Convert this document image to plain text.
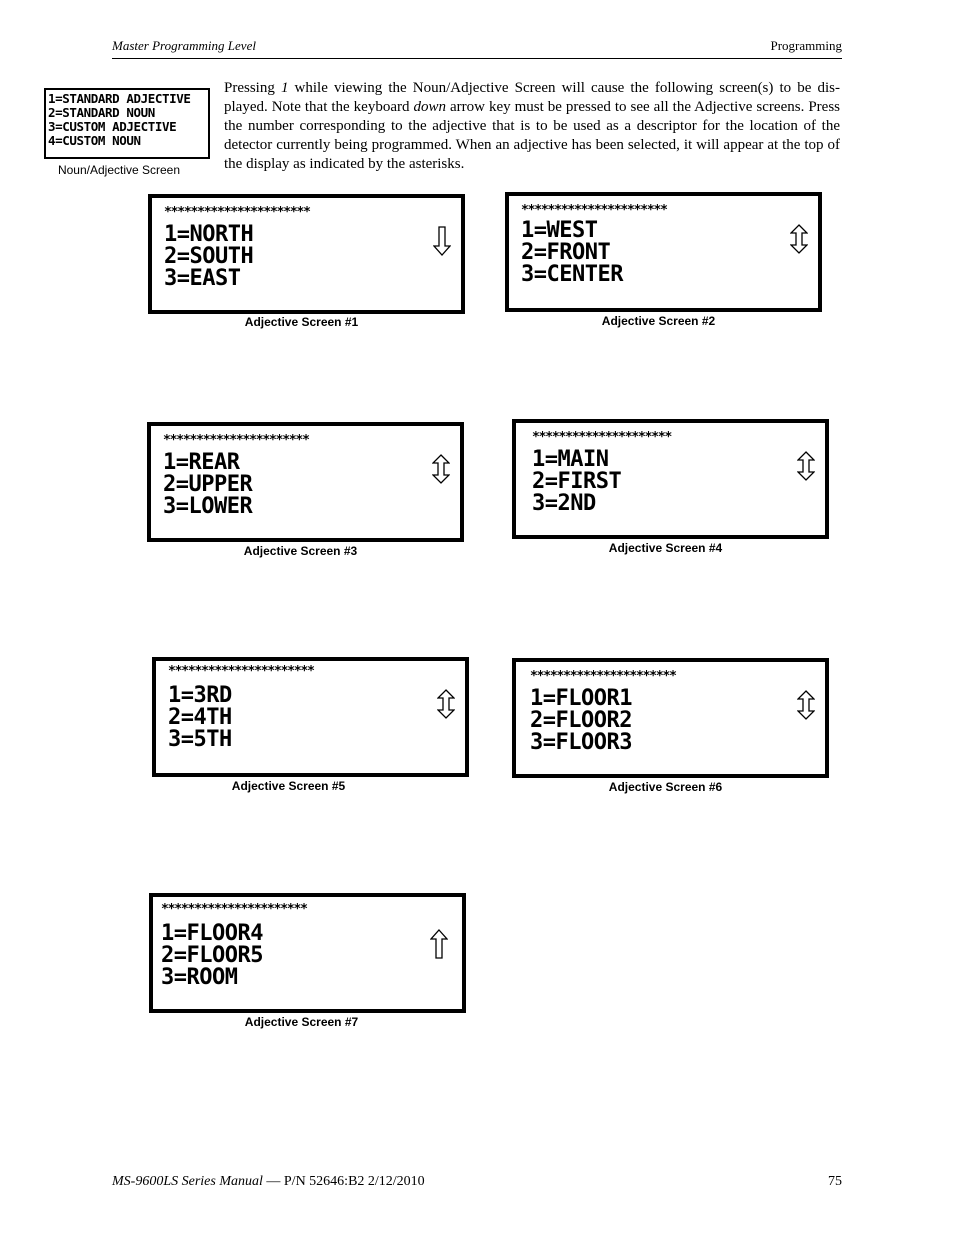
Master Programming Level	Programming
1=STANDARD ADJECTIVE
2=STANDARD NOUN
3=CUSTOM ADJECTIVE
4=CUSTOM NOUN
Noun/Adjective Screen

Pressing 1 while viewing the Noun/Adjective Screen will cause the following screen(s) to be dis-played. Note that the keyboard down arrow key must be pressed to see all the Adjective screens. Press the number corresponding to the adjective that is to be used as a descriptor for the location of the detector currently being programmed. When an adjective has been selected, it will appear at the top of the display as indicated by the asterisks.

**********************
1=NORTH
2=SOUTH
3=EAST
Adjective Screen #1
**********************
1=WEST
2=FRONT
3=CENTER
Adjective Screen #2
**********************
1=REAR
2=UPPER
3=LOWER
Adjective Screen #3
*********************
1=MAIN
2=FIRST
3=2ND
Adjective Screen #4
**********************
1=3RD
2=4TH
3=5TH
Adjective Screen #5
**********************
1=FLOOR1
2=FLOOR2
3=FLOOR3
Adjective Screen #6
**********************
1=FLOOR4
2=FLOOR5
3=ROOM
Adjective Screen #7
MS-9600LS Series Manual — P/N 52646:B2 2/12/2010	75
